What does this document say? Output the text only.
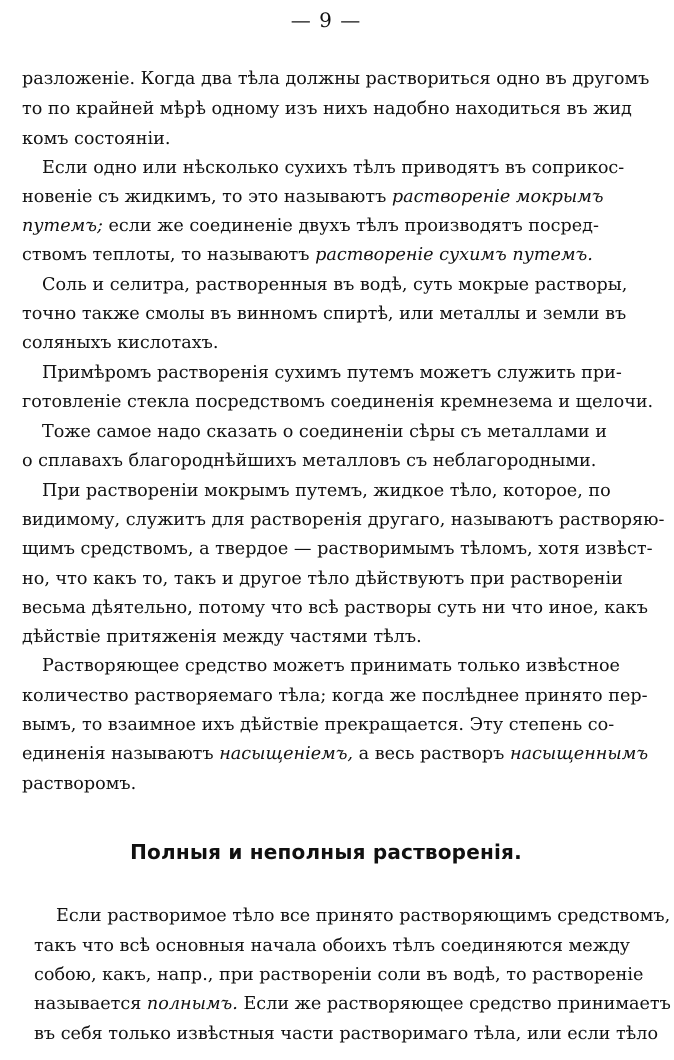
— 9 —
разложенiе. Когда два тѣла должны раствориться одно въ другомъ
то по крайней мѣрѣ одному изъ нихъ надобно находиться въ жид
комъ состоянiи.
Если одно или нѣсколько сухихъ тѣлъ приводятъ въ соприкос-
новенiе съ жидкимъ, то это называютъ растворенiе мокрымъ
путемъ; если же соединенiе двухъ тѣлъ производятъ посред-
ствомъ теплоты, то называютъ растворенiе сухимъ путемъ.
Соль и селитра, растворенныя въ водѣ, суть мокрые растворы,
точно также смолы въ винномъ спиртѣ, или металлы и земли въ
соляныхъ кислотахъ.
Примѣромъ растворенiя сухимъ путемъ можетъ служить при-
готовленiе стекла посредствомъ соединенiя кремнезема и щелочи.
Тоже самое надо сказать о соединенiи сѣры съ металлами и
о сплавахъ благороднѣйшихъ металловъ съ неблагородными.
При растворенiи мокрымъ путемъ, жидкое тѣло, которое, по
видимому, служитъ для растворенiя другаго, называютъ растворяю-
щимъ средствомъ, а твердое — растворимымъ тѣломъ, хотя извѣст-
но, что какъ то, такъ и другое тѣло дѣйствуютъ при растворенiи
весьма дѣятельно, потому что всѣ растворы суть ни что иное, какъ
дѣйствiе притяженiя между частями тѣлъ.
Растворяющее средство можетъ принимать только извѣстное
количество растворяемаго тѣла; когда же послѣднее принято пер-
вымъ, то взаимное ихъ дѣйствiе прекращается. Эту степень со-
единенiя называютъ насыщенiемъ, а весь растворъ насыщеннымъ
растворомъ.
Полныя и неполныя растворенiя.
Если растворимое тѣло все принято растворяющимъ средствомъ,
такъ что всѣ основныя начала обоихъ тѣлъ соединяются между
собою, какъ, напр., при растворенiи соли въ водѣ, то растворенiе
называется полнымъ. Если же растворяющее средство принимаетъ
въ себя только извѣстныя части растворимаго тѣла, или если тѣло
